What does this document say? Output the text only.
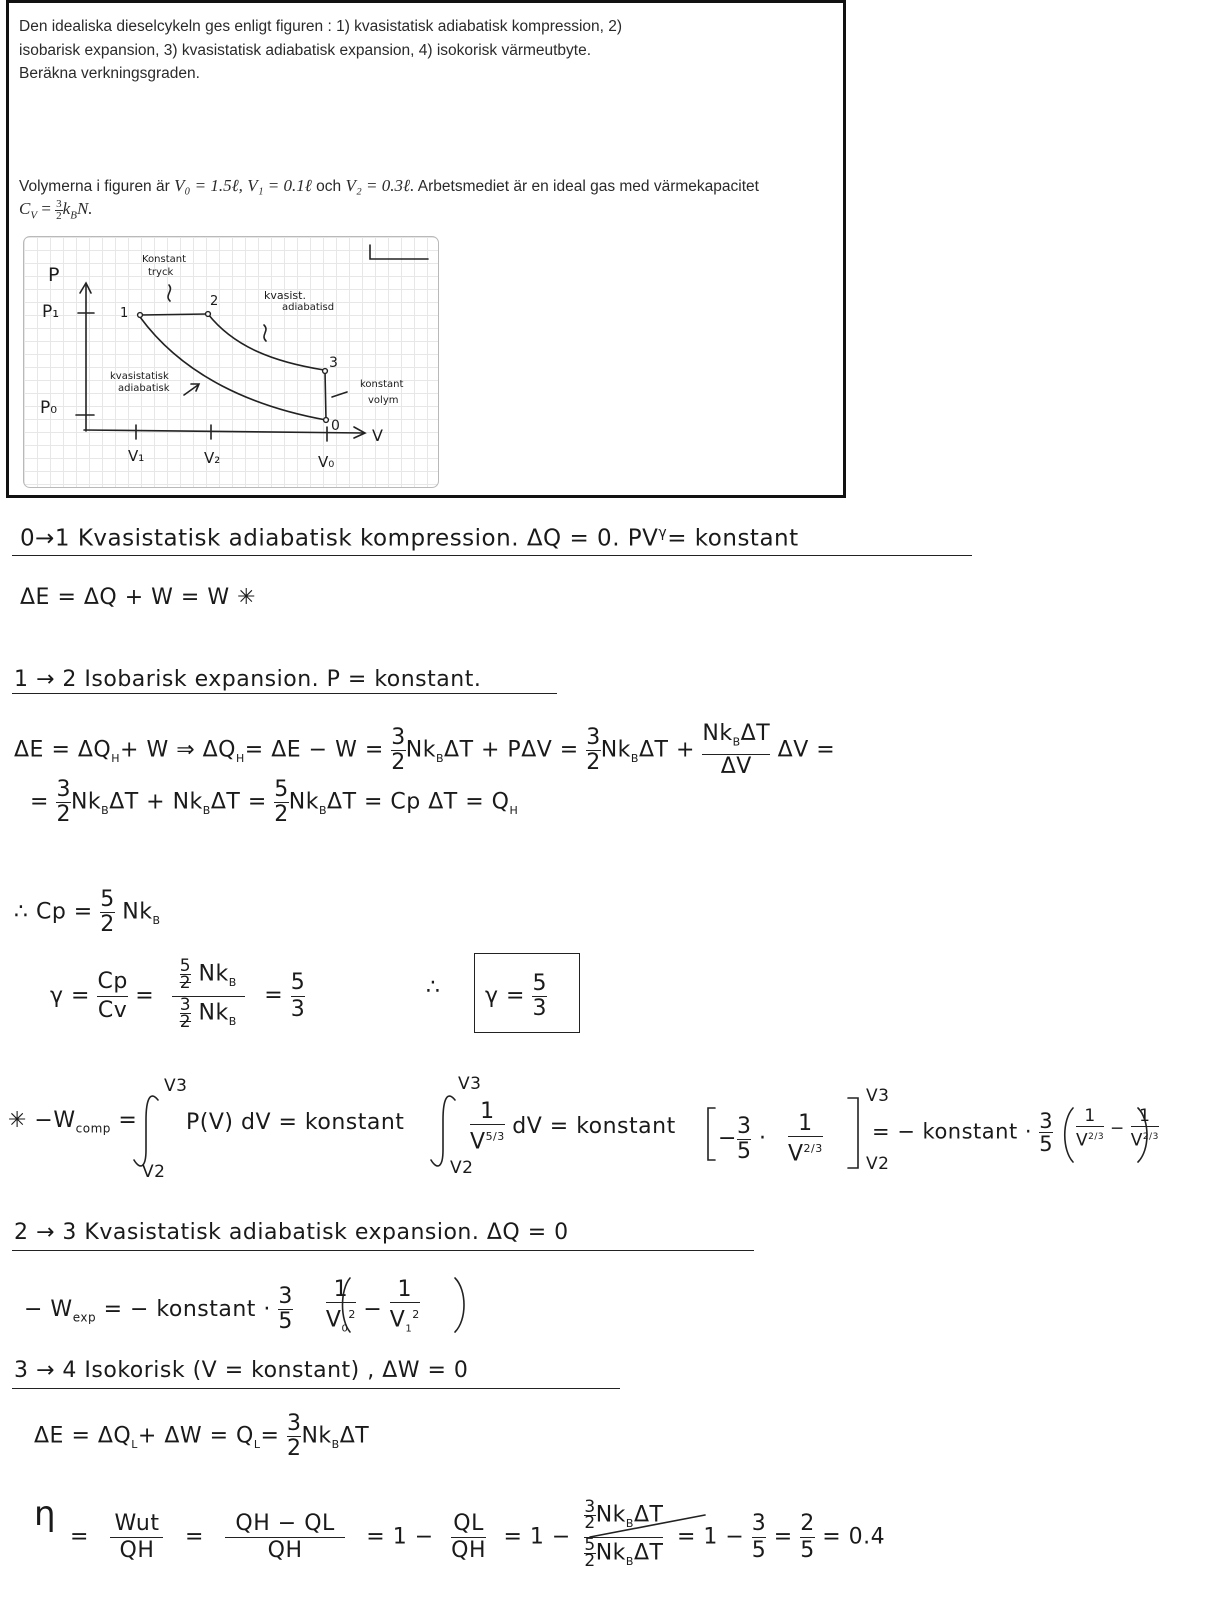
Den idealiska dieselcykeln ges enligt figuren : 1) kvasistatisk adiabatisk kompression, 2)
isobarisk expansion, 3) kvasistatisk adiabatisk expansion, 4) isokorisk värmeutbyte.
Beräkna verkningsgraden.
Volymerna i figuren är V₀ = 1.5ℓ, V₁ = 0.1ℓ och V₂ = 0.3ℓ. Arbetsmediet är en ideal gas med värmekapacitet
$C_V = \frac{3}{2} k_BN$.
P
P₁
P₀
Konstant
tryck
kvasist.
adiabatisd
kvasistatisk
adiabatisk	konstant
volym
1
2
3
0
V₁	V₂	V₀
V
0→1 Kvasistatisk adiabatisk kompression. ΔQ = 0. $PV^\gamma=$ konstant
ΔE = ΔQ + W = W ✳
1 → 2 Isobarisk expansion. P = konstant.
$\Delta E = \Delta Q_H+ W$ ⇒ $\Delta Q_H= \Delta E - W = \frac{3}{2} Nk_B\Delta T + P\Delta V = \frac{3}{2} Nk_B\Delta T$ +
$Nk_B\Delta T$
ΔV
ΔV =
= $\frac{3}{2} Nk_B\Delta T + Nk_B\Delta T = \frac{5}{2} Nk_B\Delta T = Cp$ $\Delta T = Q_H$
∴ $Cp = \frac{5}{2} Nk_B$
$\gamma = \frac{Cp}{Cv}$ =
$\frac{5}{2} Nk_B$
$\frac{3}{2} Nk_B$
= $\frac{5}{3}$	∴ $\gamma = \frac{5}{3}$
✳ $-W_{comp}$ =
V3
V2
P(V) dV = konstant
V3
V2
$\frac{1}{V^{5/3}}$ dV = konstant − $\frac{3}{5} \cdot \frac{1}{V^{2/3}}$
V3
V2
= − konstant · $\frac{3}{5} \frac{1}{V^{2/3}} - \frac{1}{V^{2/3}}$
2 → 3 Kvasistatisk adiabatisk expansion. ΔQ = 0
− $W_{exp}$ = − konstant · $\frac{3}{5}$
$\frac{1}{V_0^2} - \frac{1}{V_1^2}$
3 → 4 Isokorisk (V = konstant) , ΔW = 0
$\Delta E = \Delta Q_L+ \Delta W = Q_L= \frac{3}{2} Nk_B\Delta T$
η
=
Wut
QH
= $\frac{QH - QL}{QH} = 1 - \frac{QL}{QH} = 1$ −
$\frac{3}{2} Nk_B\Delta T$
$\frac{5}{2} Nk_B\Delta T$
= $1 - \frac{3}{5} = \frac{2}{5} = 0.4$
